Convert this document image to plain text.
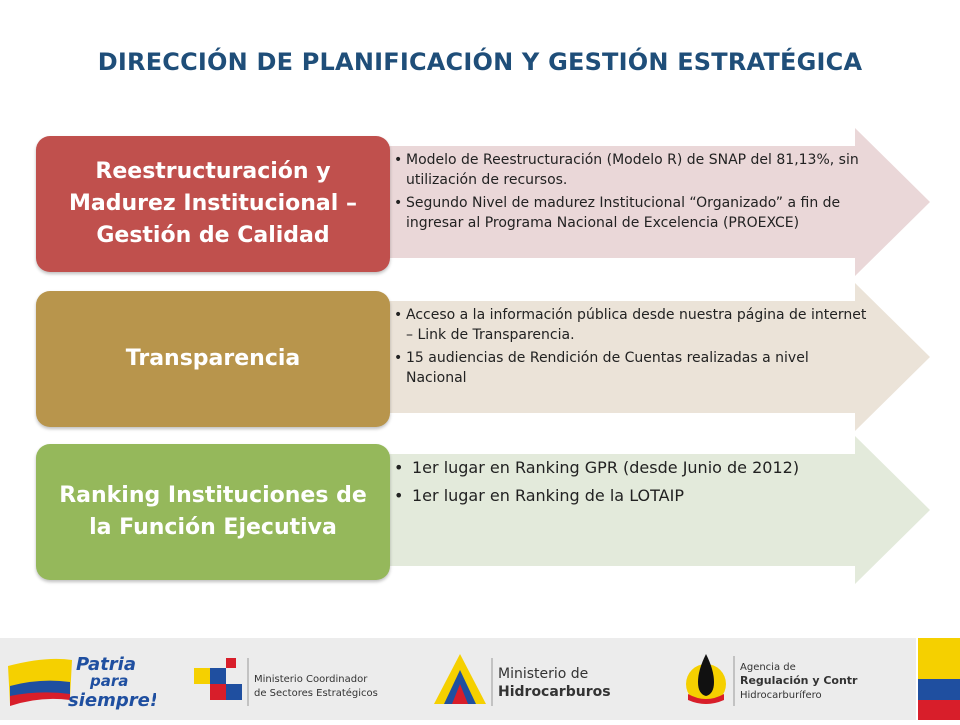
DIRECCIÓN DE PLANIFICACIÓN Y GESTIÓN ESTRATÉGICA
Reestructuración y Madurez Institucional – Gestión de Calidad
• Modelo de Reestructuración (Modelo R) de SNAP del 81,13%, sin utilización de recursos.
• Segundo Nivel de madurez Institucional “Organizado” a fin de ingresar al Programa Nacional de Excelencia (PROEXCE)
Transparencia
• Acceso a la información pública desde nuestra página de internet – Link de Transparencia.
• 15 audiencias de Rendición de Cuentas realizadas a nivel Nacional
Ranking Instituciones de la Función Ejecutiva
• 1er lugar en Ranking GPR (desde Junio de 2012)
• 1er lugar en Ranking de la LOTAIP
Patria
para
siempre!
Ministerio Coordinador
de Sectores Estratégicos
Ministerio de
Hidrocarburos
Agencia de
Regulación y Control
Hidrocarburífero
